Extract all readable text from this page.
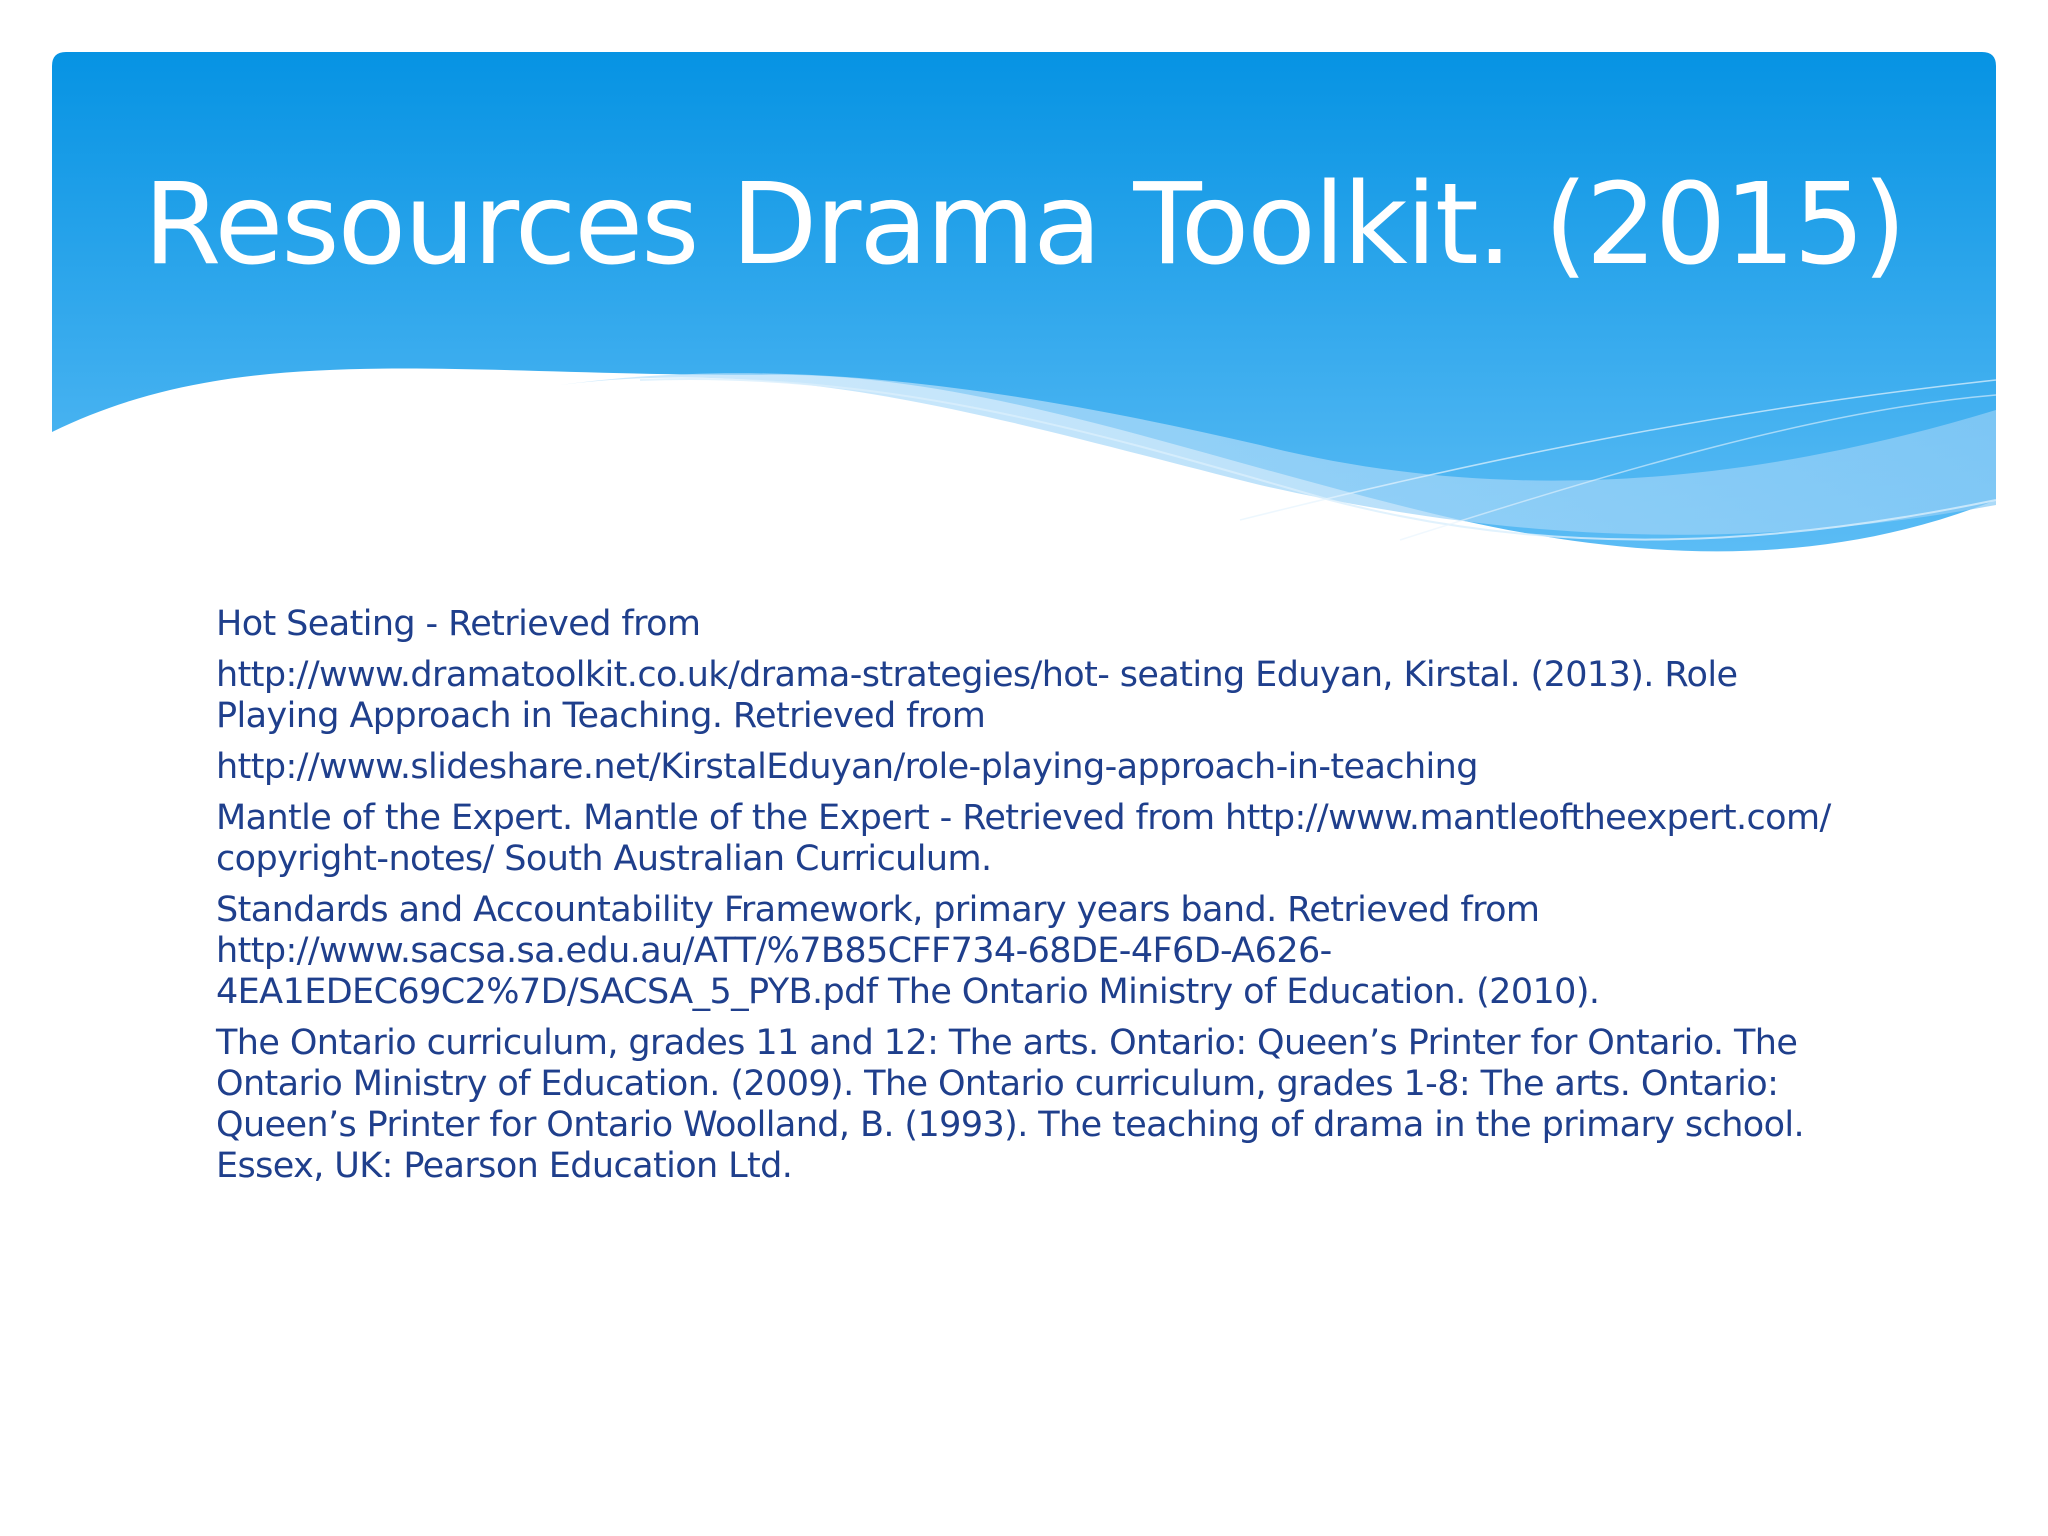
Resources Drama Toolkit. (2015)

Hot Seating - Retrieved from

http://www.dramatoolkit.co.uk/drama-strategies/hot- seating Eduyan, Kirstal. (2013). Role Playing Approach in Teaching. Retrieved from

http://www.slideshare.net/KirstalEduyan/role-playing-approach-in-teaching

Mantle of the Expert. Mantle of the Expert - Retrieved from http://www.mantleoftheexpert.com/ copyright-notes/ South Australian Curriculum.

Standards and Accountability Framework, primary years band. Retrieved from http://www.sacsa.sa.edu.au/ATT/%7B85CFF734-68DE-4F6D-A626-4EA1EDEC69C2%7D/SACSA_5_PYB.pdf The Ontario Ministry of Education. (2010).

The Ontario curriculum, grades 11 and 12: The arts. Ontario: Queen’s Printer for Ontario. The Ontario Ministry of Education. (2009). The Ontario curriculum, grades 1-8: The arts. Ontario: Queen’s Printer for Ontario Woolland, B. (1993). The teaching of drama in the primary school. Essex, UK: Pearson Education Ltd.
